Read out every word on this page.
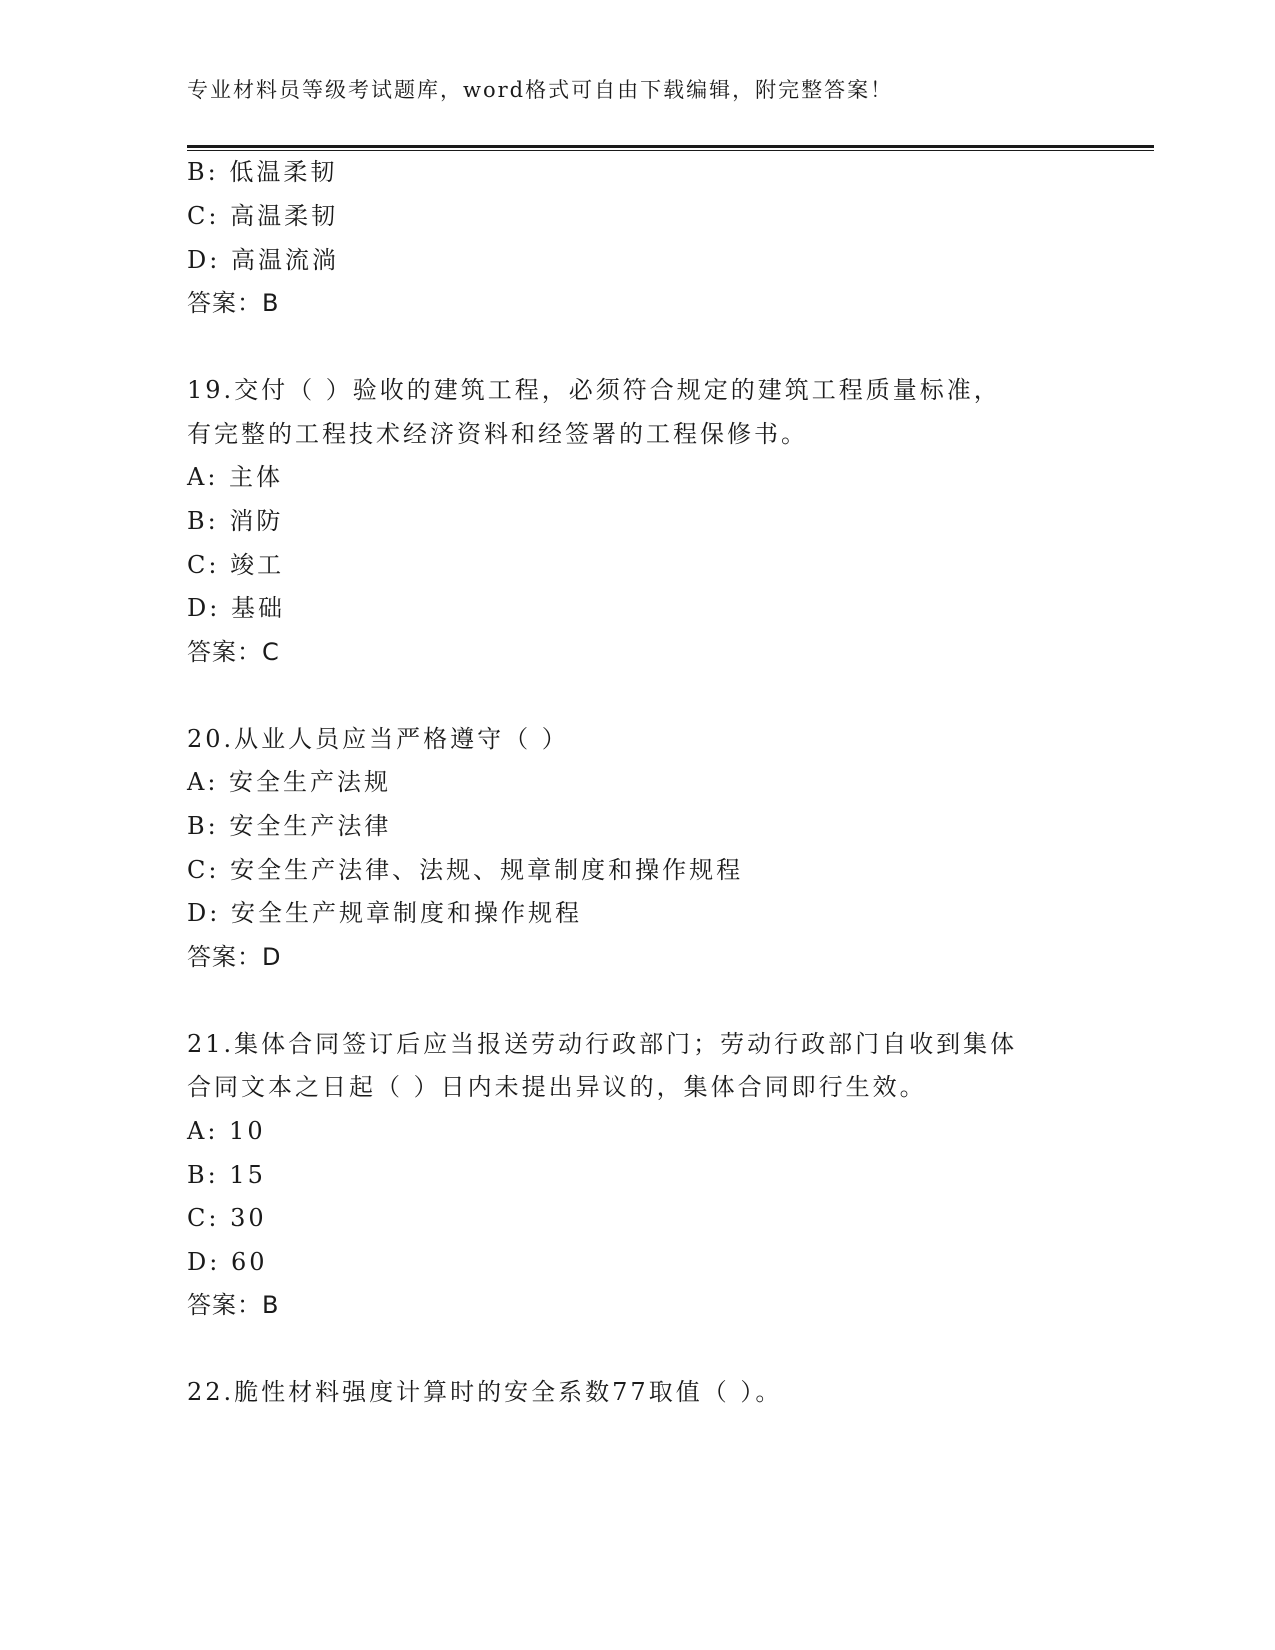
专业材料员等级考试题库，word格式可自由下载编辑，附完整答案！
B: 低温柔韧
C: 高温柔韧
D: 高温流淌
答案：B
19.交付（ ）验收的建筑工程，必须符合规定的建筑工程质量标准，
有完整的工程技术经济资料和经签署的工程保修书。
A: 主体
B: 消防
C: 竣工
D: 基础
答案：C
20.从业人员应当严格遵守（ ）
A: 安全生产法规
B: 安全生产法律
C: 安全生产法律、法规、规章制度和操作规程
D: 安全生产规章制度和操作规程
答案：D
21.集体合同签订后应当报送劳动行政部门；劳动行政部门自收到集体
合同文本之日起（ ）日内未提出异议的，集体合同即行生效。
A: 10
B: 15
C: 30
D: 60
答案：B
22.脆性材料强度计算时的安全系数77取值（ ）。
